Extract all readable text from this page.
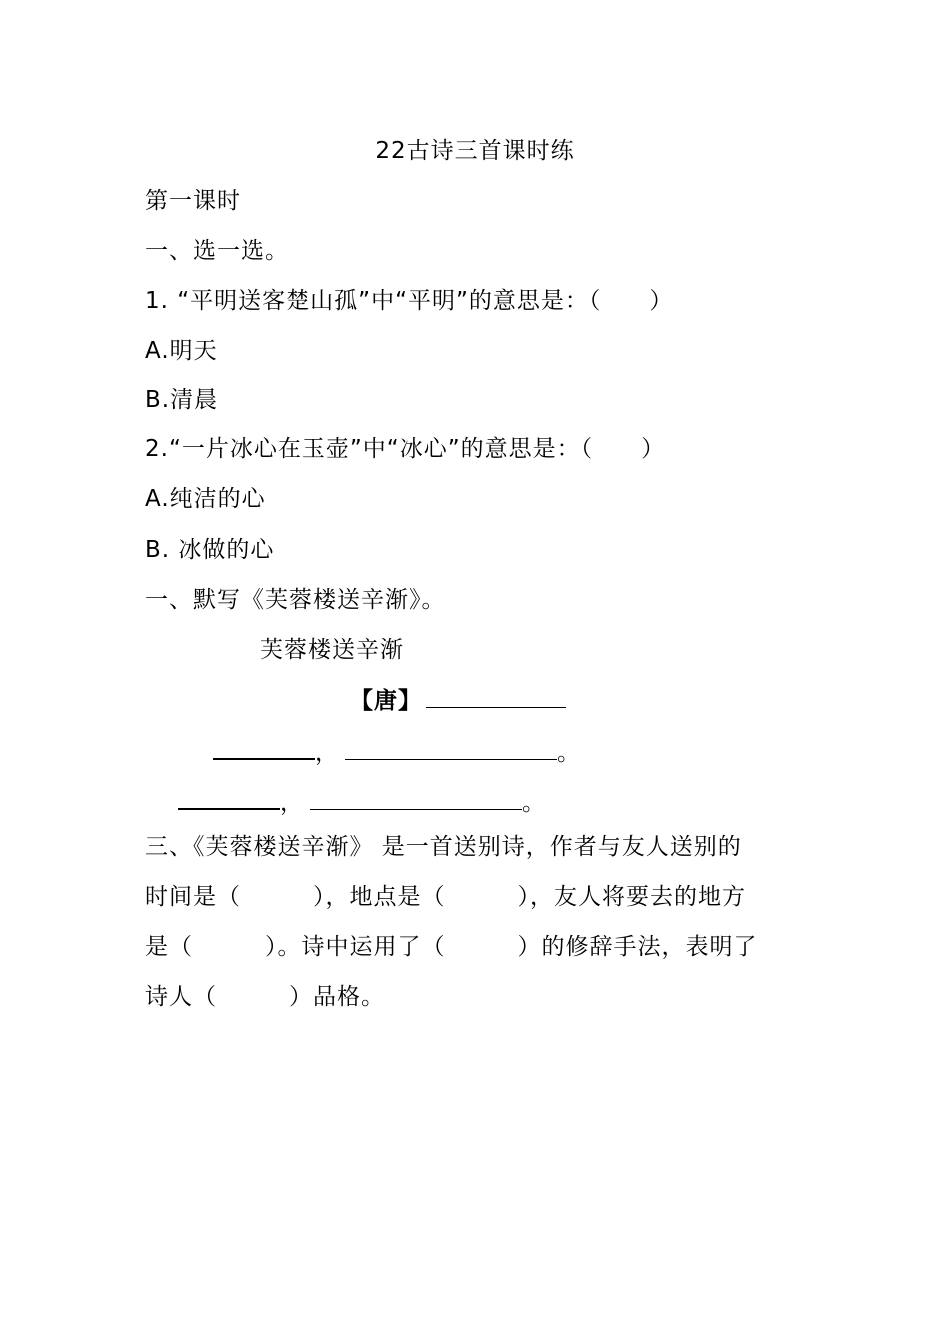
22古诗三首课时练
第一课时
一、选一选。
1. “平明送客楚山孤”中“平明”的意思是：（　　）
A.明天
B.清晨
2.“一片冰心在玉壶”中“冰心”的意思是：（　　）
A.纯洁的心
B. 冰做的心
一、默写《芙蓉楼送辛渐》。
芙蓉楼送辛渐
【唐】
，	。
，	。
三、《芙蓉楼送辛渐》 是一首送别诗，作者与友人送别的
时间是（　　　），地点是（　　　），友人将要去的地方
是（　　　）。诗中运用了（　　　）的修辞手法，表明了
诗人（　　　）品格。
